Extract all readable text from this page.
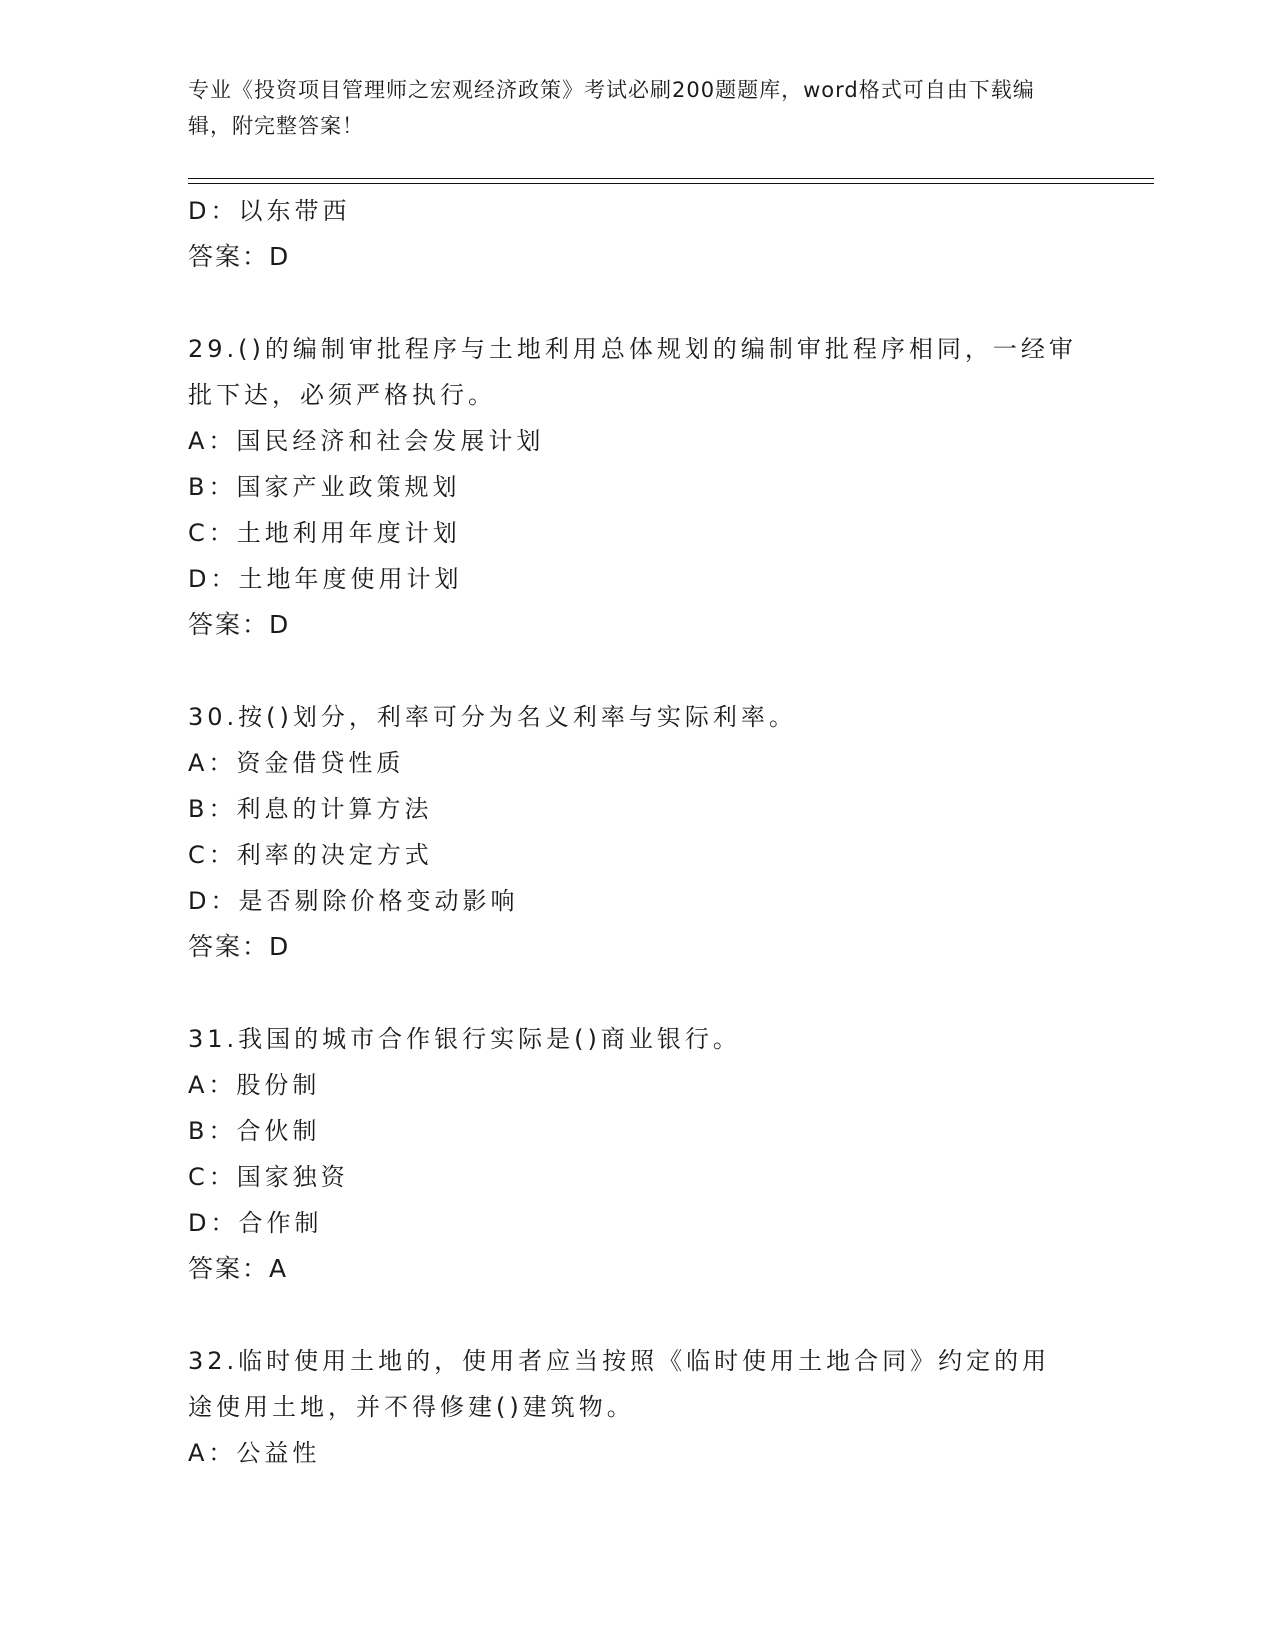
专业《投资项目管理师之宏观经济政策》考试必刷200题题库，word格式可自由下载编辑，附完整答案！
D：以东带西
答案：D
29.()的编制审批程序与土地利用总体规划的编制审批程序相同，一经审批下达，必须严格执行。
A：国民经济和社会发展计划
B：国家产业政策规划
C：土地利用年度计划
D：土地年度使用计划
答案：D
30.按()划分，利率可分为名义利率与实际利率。
A：资金借贷性质
B：利息的计算方法
C：利率的决定方式
D：是否剔除价格变动影响
答案：D
31.我国的城市合作银行实际是()商业银行。
A：股份制
B：合伙制
C：国家独资
D：合作制
答案：A
32.临时使用土地的，使用者应当按照《临时使用土地合同》约定的用途使用土地，并不得修建()建筑物。
A：公益性
